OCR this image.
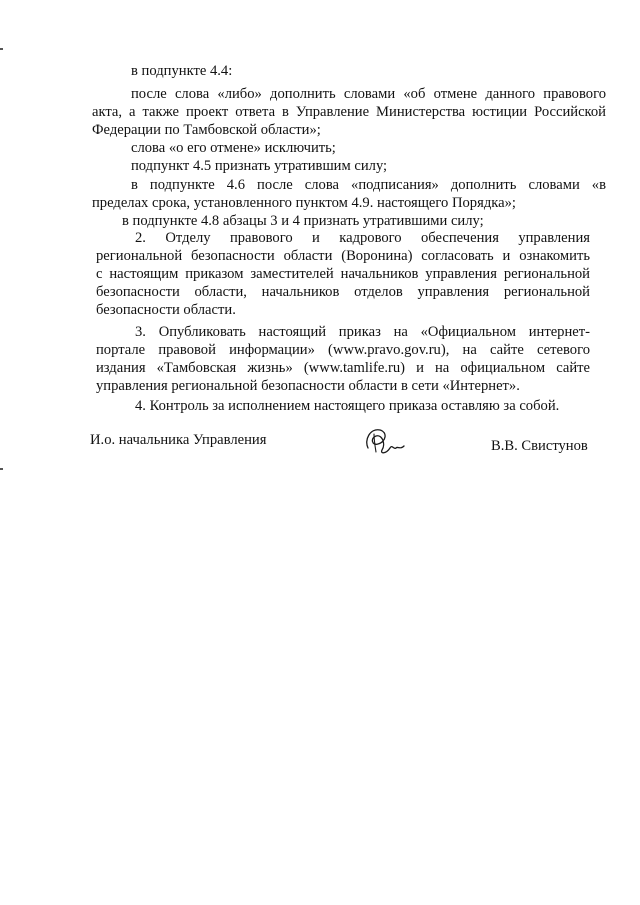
в подпункте 4.4:
после слова «либо» дополнить словами «об отмене данного правового
акта, а также проект ответа в Управление Министерства юстиции Российской
Федерации по Тамбовской области»;
слова «о его отмене» исключить;
подпункт 4.5 признать утратившим силу;
в подпункте 4.6 после слова «подписания» дополнить словами «в
пределах срока, установленного пунктом 4.9. настоящего Порядка»;
в подпункте 4.8 абзацы 3 и 4 признать утратившими силу;
2. Отделу правового и кадрового обеспечения управления
региональной безопасности области (Воронина) согласовать и ознакомить
с настоящим приказом заместителей начальников управления региональной
безопасности области, начальников отделов управления региональной
безопасности области.
3. Опубликовать настоящий приказ на «Официальном интернет-
портале правовой информации» (www.pravo.gov.ru), на сайте сетевого
издания «Тамбовская жизнь» (www.tamlife.ru) и на официальном сайте
управления региональной безопасности области в сети «Интернет».
4. Контроль за исполнением настоящего приказа оставляю за собой.
И.о. начальника Управления	В.В. Свистунов
